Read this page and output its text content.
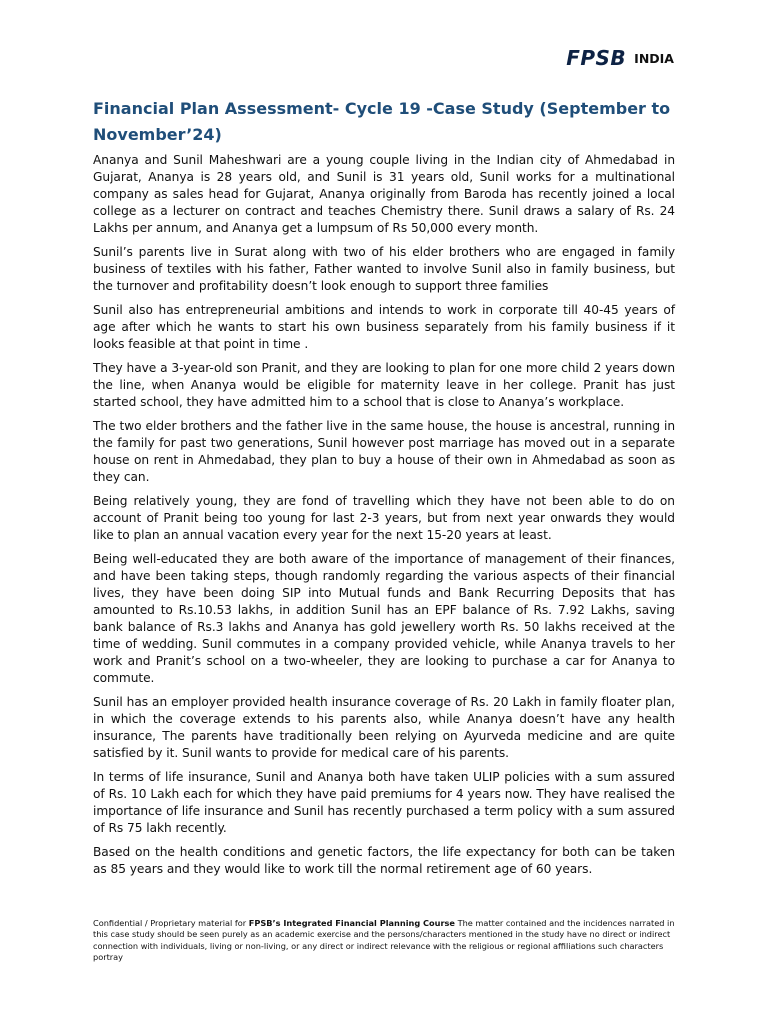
FPSB INDIA
Financial Plan Assessment- Cycle 19 -Case Study (September to November’24)

Ananya and Sunil Maheshwari are a young couple living in the Indian city of Ahmedabad in Gujarat, Ananya is 28 years old, and Sunil is 31 years old, Sunil works for a multinational company as sales head for Gujarat, Ananya originally from Baroda has recently joined a local college as a lecturer on contract and teaches Chemistry there. Sunil draws a salary of Rs. 24 Lakhs per annum, and Ananya get a lumpsum of Rs 50,000 every month.

Sunil’s parents live in Surat along with two of his elder brothers who are engaged in family business of textiles with his father, Father wanted to involve Sunil also in family business, but the turnover and profitability doesn’t look enough to support three families

Sunil also has entrepreneurial ambitions and intends to work in corporate till 40-45 years of age after which he wants to start his own business separately from his family business if it looks feasible at that point in time .

They have a 3-year-old son Pranit, and they are looking to plan for one more child 2 years down the line, when Ananya would be eligible for maternity leave in her college. Pranit has just started school, they have admitted him to a school that is close to Ananya’s workplace.

The two elder brothers and the father live in the same house, the house is ancestral, running in the family for past two generations, Sunil however post marriage has moved out in a separate house on rent in Ahmedabad, they plan to buy a house of their own in Ahmedabad as soon as they can.

Being relatively young, they are fond of travelling which they have not been able to do on account of Pranit being too young for last 2-3 years, but from next year onwards they would like to plan an annual vacation every year for the next 15-20 years at least.

Being well-educated they are both aware of the importance of management of their finances, and have been taking steps, though randomly regarding the various aspects of their financial lives, they have been doing SIP into Mutual funds and Bank Recurring Deposits that has amounted to Rs.10.53 lakhs, in addition Sunil has an EPF balance of Rs. 7.92 Lakhs, saving bank balance of Rs.3 lakhs and Ananya has gold jewellery worth Rs. 50 lakhs received at the time of wedding. Sunil commutes in a company provided vehicle, while Ananya travels to her work and Pranit’s school on a two-wheeler, they are looking to purchase a car for Ananya to commute.

Sunil has an employer provided health insurance coverage of Rs. 20 Lakh in family floater plan, in which the coverage extends to his parents also, while Ananya doesn’t have any health insurance, The parents have traditionally been relying on Ayurveda medicine and are quite satisfied by it. Sunil wants to provide for medical care of his parents.

In terms of life insurance, Sunil and Ananya both have taken ULIP policies with a sum assured of Rs. 10 Lakh each for which they have paid premiums for 4 years now. They have realised the importance of life insurance and Sunil has recently purchased a term policy with a sum assured of Rs 75 lakh recently.

Based on the health conditions and genetic factors, the life expectancy for both can be taken as 85 years and they would like to work till the normal retirement age of 60 years.

Confidential / Proprietary material for FPSB’s Integrated Financial Planning Course The matter contained and the incidences narrated in this case study should be seen purely as an academic exercise and the persons/characters mentioned in the study have no direct or indirect connection with individuals, living or non-living, or any direct or indirect relevance with the religious or regional affiliations such characters portray
